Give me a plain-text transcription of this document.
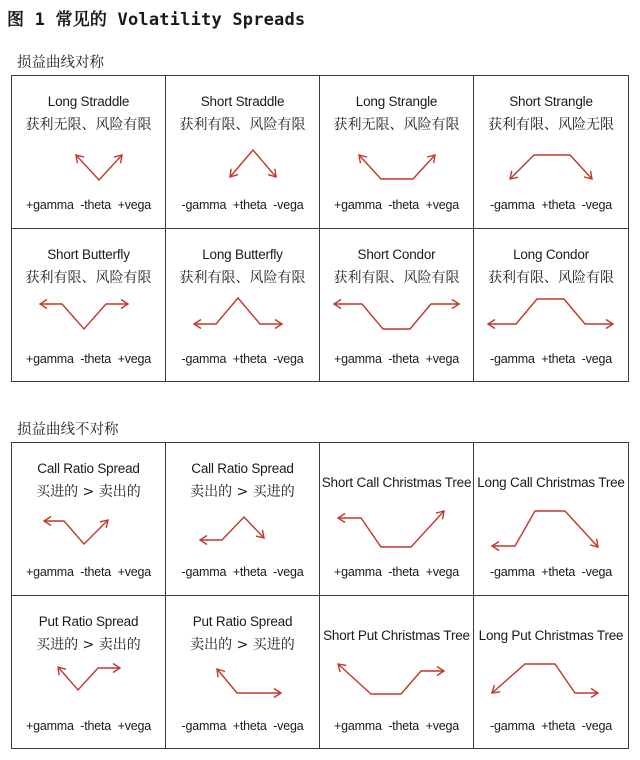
图 1 常见的 Volatility Spreads
损益曲线对称
Long Straddle
获利无限、风险有限
+gamma  -theta  +vega
Short Straddle
获利有限、风险有限
-gamma  +theta  -vega
Long Strangle
获利无限、风险有限
+gamma  -theta  +vega
Short Strangle
获利有限、风险无限
-gamma  +theta  -vega
Short Butterfly
获利有限、风险有限
+gamma  -theta  +vega
Long Butterfly
获利有限、风险有限
-gamma  +theta  -vega
Short Condor
获利有限、风险有限
+gamma  -theta  +vega
Long Condor
获利有限、风险有限
-gamma  +theta  -vega
损益曲线不对称
Call Ratio Spread
买进的 > 卖出的
+gamma  -theta  +vega
Call Ratio Spread
卖出的 > 买进的
-gamma  +theta  -vega
Short Call Christmas Tree
+gamma  -theta  +vega
Long Call Christmas Tree
-gamma  +theta  -vega
Put Ratio Spread
买进的 > 卖出的
+gamma  -theta  +vega
Put Ratio Spread
卖出的 > 买进的
-gamma  +theta  -vega
Short Put Christmas Tree
+gamma  -theta  +vega
Long Put Christmas Tree
-gamma  +theta  -vega
